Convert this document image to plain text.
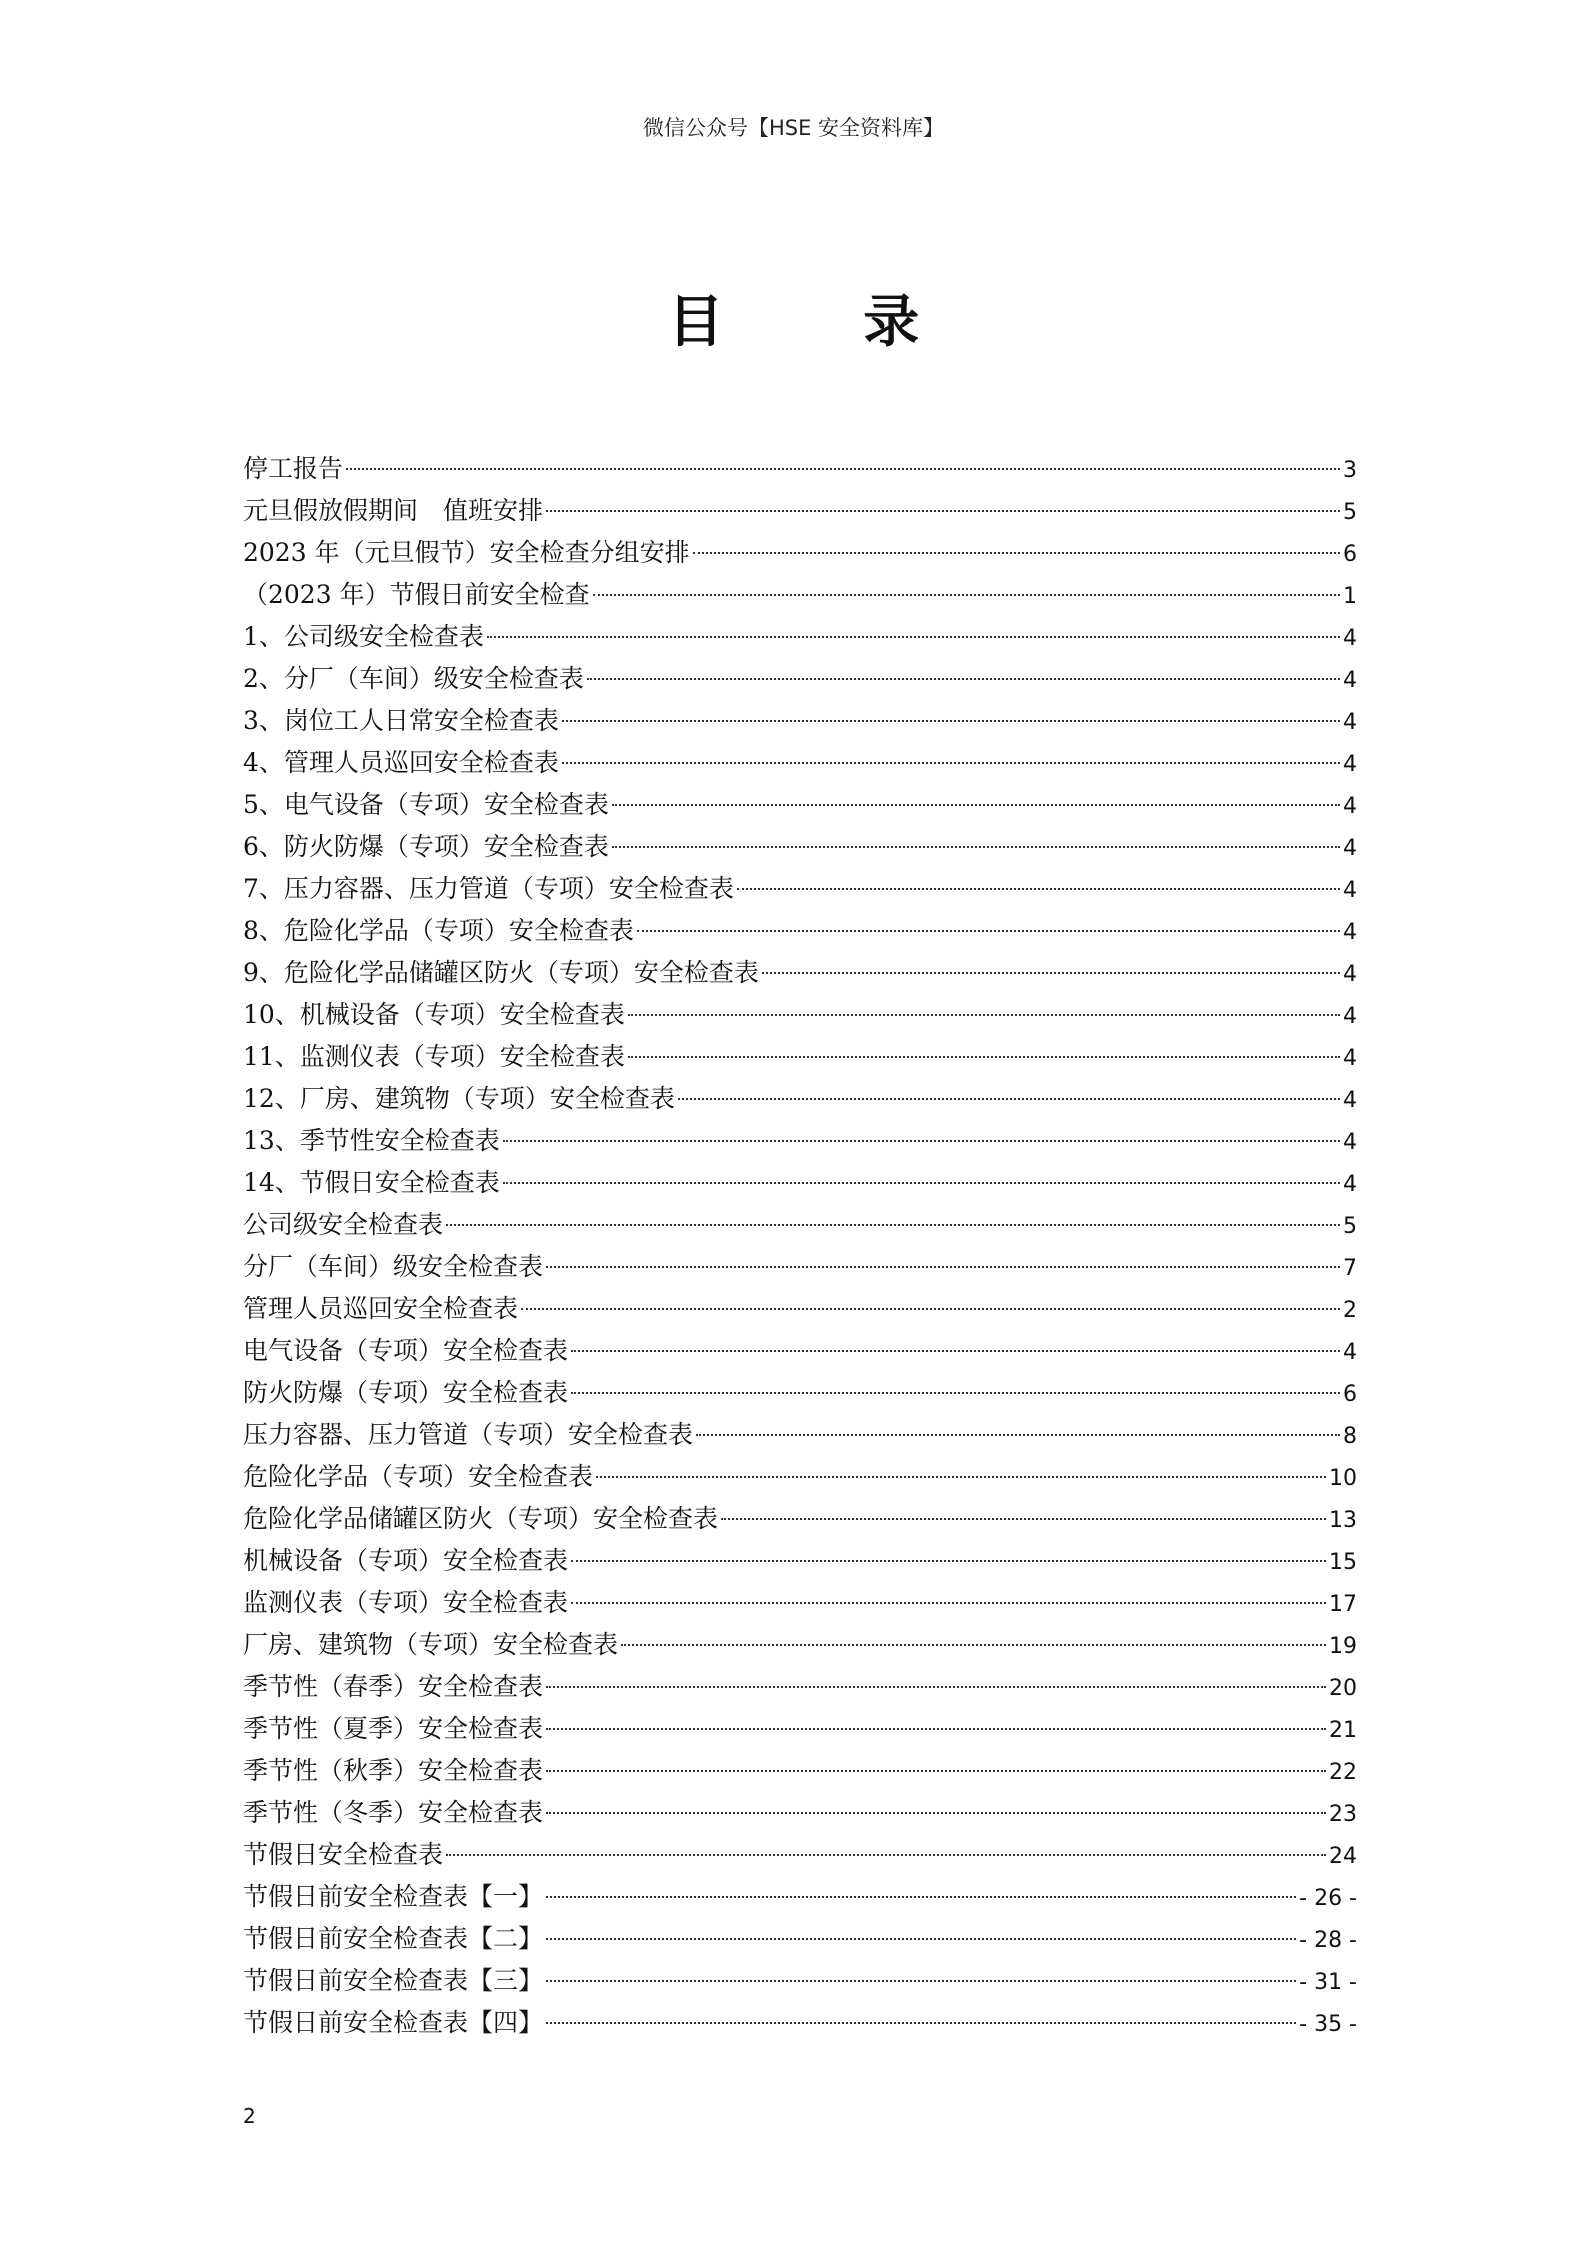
微信公众号【HSE 安全资料库】
目 录
停工报告	3
元旦假放假期间　值班安排	5
2023 年（元旦假节）安全检查分组安排	6
（2023 年）节假日前安全检查	1
1、公司级安全检查表	4
2、分厂（车间）级安全检查表	4
3、岗位工人日常安全检查表	4
4、管理人员巡回安全检查表	4
5、电气设备（专项）安全检查表	4
6、防火防爆（专项）安全检查表	4
7、压力容器、压力管道（专项）安全检查表	4
8、危险化学品（专项）安全检查表	4
9、危险化学品储罐区防火（专项）安全检查表	4
10、机械设备（专项）安全检查表	4
11、监测仪表（专项）安全检查表	4
12、厂房、建筑物（专项）安全检查表	4
13、季节性安全检查表	4
14、节假日安全检查表	4
公司级安全检查表	5
分厂（车间）级安全检查表	7
管理人员巡回安全检查表	2
电气设备（专项）安全检查表	4
防火防爆（专项）安全检查表	6
压力容器、压力管道（专项）安全检查表	8
危险化学品（专项）安全检查表	10
危险化学品储罐区防火（专项）安全检查表	13
机械设备（专项）安全检查表	15
监测仪表（专项）安全检查表	17
厂房、建筑物（专项）安全检查表	19
季节性（春季）安全检查表	20
季节性（夏季）安全检查表	21
季节性（秋季）安全检查表	22
季节性（冬季）安全检查表	23
节假日安全检查表	24
节假日前安全检查表【一】	- 26 -
节假日前安全检查表【二】	- 28 -
节假日前安全检查表【三】	- 31 -
节假日前安全检查表【四】	- 35 -
2
